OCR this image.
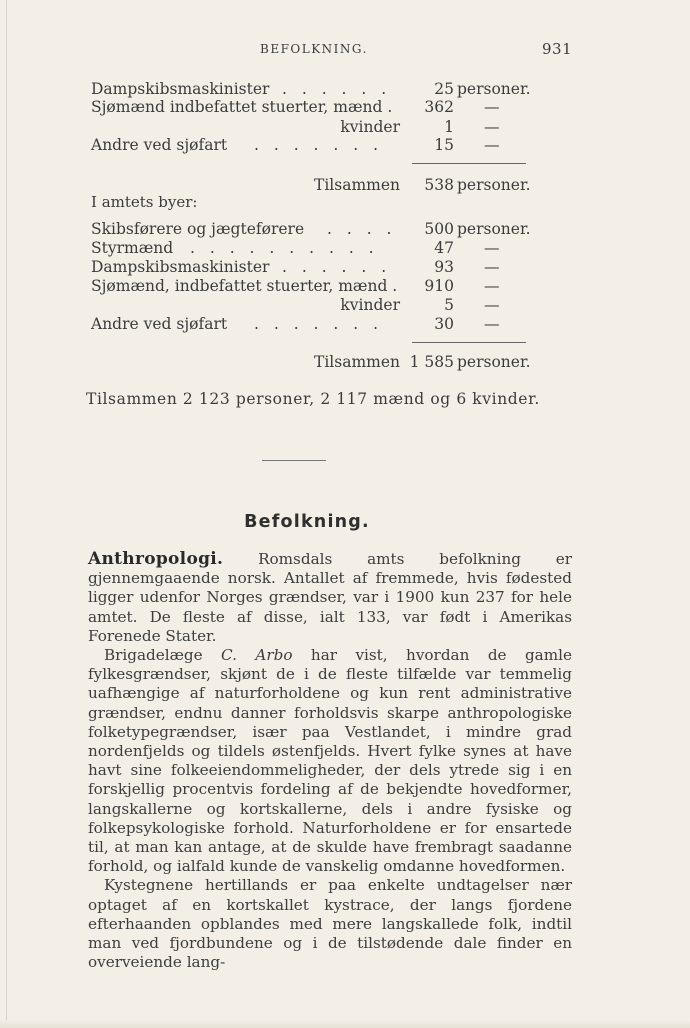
BEFOLKNING.	931
Dampskibsmaskinister . . . . . .	25 personer.
Sjømænd indbefattet stuerter, mænd . 362 —
kvinder	1 —
Andre ved sjøfart . . . . . . .	15 —
Tilsammen 538 personer.
I amtets byer:
Skibsførere og jægteførere . . . . 500 personer.
Styrmænd . . . . . . . . . .	47 —
Dampskibsmaskinister . . . . . .	93 —
Sjømænd, indbefattet stuerter, mænd . 910 —
kvinder	5 —
Andre ved sjøfart . . . . . . .	30 —
Tilsammen 1 585 personer.
Tilsammen 2 123 personer, 2 117 mænd og 6 kvinder.
Befolkning.

Anthropologi. Romsdals amts befolkning er gjennemgaaende norsk. Antallet af fremmede, hvis fødested ligger udenfor Norges grændser, var i 1900 kun 237 for hele amtet. De fleste af disse, ialt 133, var født i Amerikas Forenede Stater.

Brigadelæge C. Arbo har vist, hvordan de gamle fylkesgrændser, skjønt de i de fleste tilfælde var temmelig uafhængige af naturforholdene og kun rent administrative grændser, endnu danner forholdsvis skarpe anthropologiske folketypegrændser, især paa Vestlandet, i mindre grad nordenfjelds og tildels østenfjelds. Hvert fylke synes at have havt sine folkeeiendommeligheder, der dels ytrede sig i en forskjellig procentvis fordeling af de bekjendte hovedformer, langskallerne og kortskallerne, dels i andre fysiske og folkepsykologiske forhold. Naturforholdene er for ensartede til, at man kan antage, at de skulde have frembragt saadanne forhold, og ialfald kunde de vanskelig omdanne hovedformen.

Kystegnene hertillands er paa enkelte undtagelser nær optaget af en kortskallet kystrace, der langs fjordene efterhaanden opblandes med mere langskallede folk, indtil man ved fjordbundene og i de tilstødende dale finder en overveiende lang-
